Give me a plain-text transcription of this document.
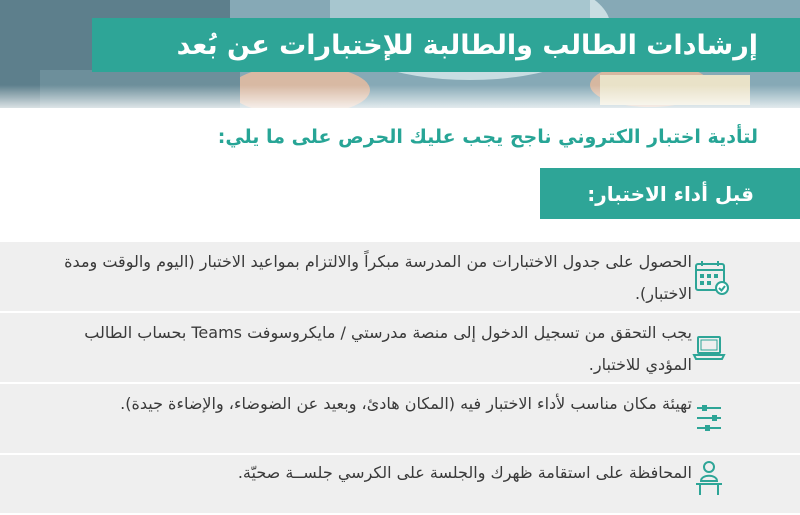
إرشادات الطالب والطالبة للإختبارات عن بُعد
لتأدية اختبار الكتروني ناجح يجب عليك الحرص على ما يلي:
قبل أداء الاختبار:
الحصول على جدول الاختبارات من المدرسة مبكراً والالتزام بمواعيد الاختبار (اليوم والوقت ومدة الاختبار).
يجب التحقق من تسجيل الدخول إلى منصة مدرستي / مايكروسوفت Teams بحساب الطالب المؤدي للاختبار.
تهيئة مكان مناسب لأداء الاختبار فيه (المكان هادئ، وبعيد عن الضوضاء، والإضاءة جيدة).
المحافظة على استقامة ظهرك والجلسة على الكرسي جلســة صحيّة.
